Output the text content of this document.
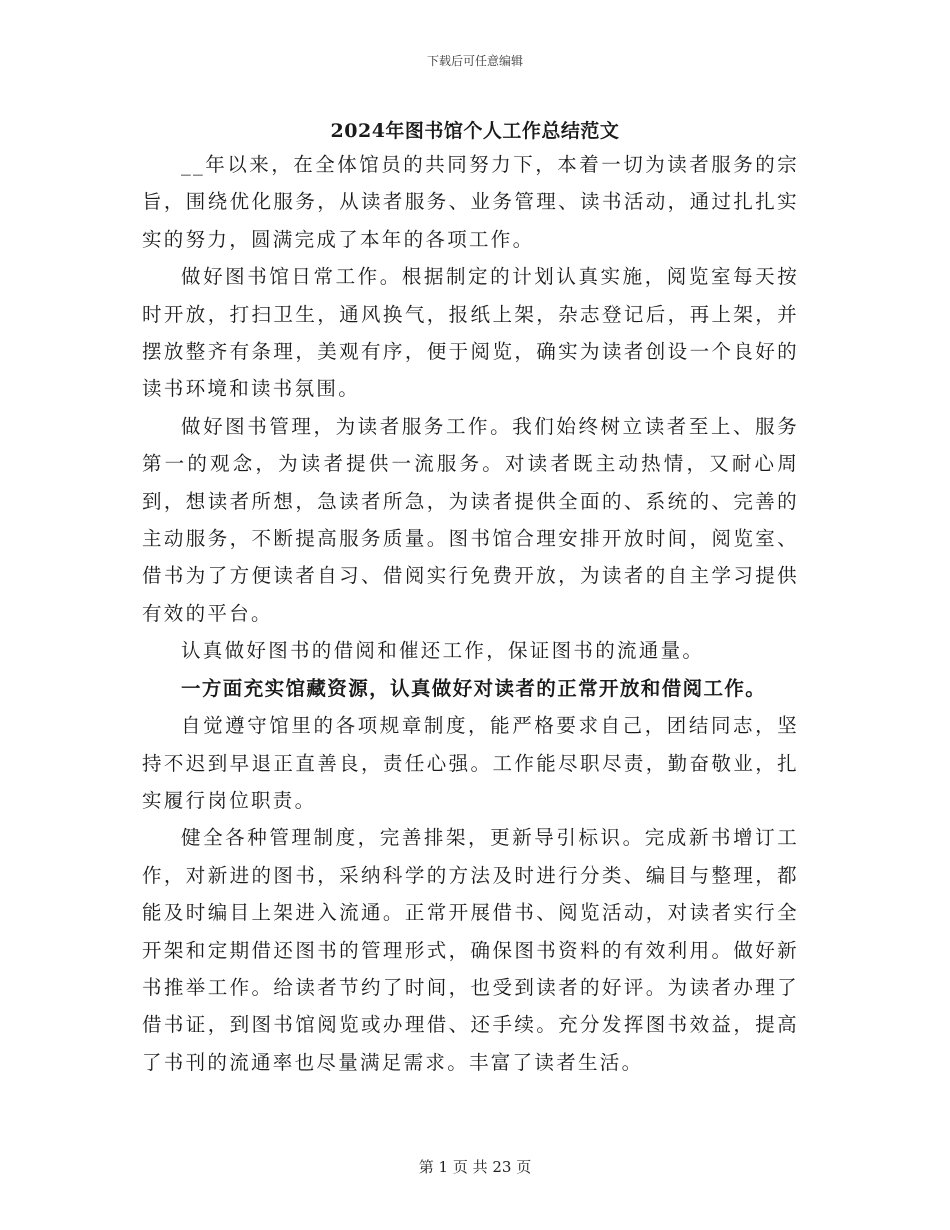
下载后可任意编辑
2024年图书馆个人工作总结范文

__年以来，在全体馆员的共同努力下，本着一切为读者服务的宗旨，围绕优化服务，从读者服务、业务管理、读书活动，通过扎扎实实的努力，圆满完成了本年的各项工作。

做好图书馆日常工作。根据制定的计划认真实施，阅览室每天按时开放，打扫卫生，通风换气，报纸上架，杂志登记后，再上架，并摆放整齐有条理，美观有序，便于阅览，确实为读者创设一个良好的读书环境和读书氛围。

做好图书管理，为读者服务工作。我们始终树立读者至上、服务第一的观念，为读者提供一流服务。对读者既主动热情，又耐心周到，想读者所想，急读者所急，为读者提供全面的、系统的、完善的主动服务，不断提高服务质量。图书馆合理安排开放时间，阅览室、借书为了方便读者自习、借阅实行免费开放，为读者的自主学习提供有效的平台。

认真做好图书的借阅和催还工作，保证图书的流通量。

一方面充实馆藏资源，认真做好对读者的正常开放和借阅工作。

自觉遵守馆里的各项规章制度，能严格要求自己，团结同志，坚持不迟到早退正直善良，责任心强。工作能尽职尽责，勤奋敬业，扎实履行岗位职责。

健全各种管理制度，完善排架，更新导引标识。完成新书增订工作，对新进的图书，采纳科学的方法及时进行分类、编目与整理，都能及时编目上架进入流通。正常开展借书、阅览活动，对读者实行全开架和定期借还图书的管理形式，确保图书资料的有效利用。做好新书推举工作。给读者节约了时间，也受到读者的好评。为读者办理了借书证，到图书馆阅览或办理借、还手续。充分发挥图书效益，提高了书刊的流通率也尽量满足需求。丰富了读者生活。

第 1 页 共 23 页
